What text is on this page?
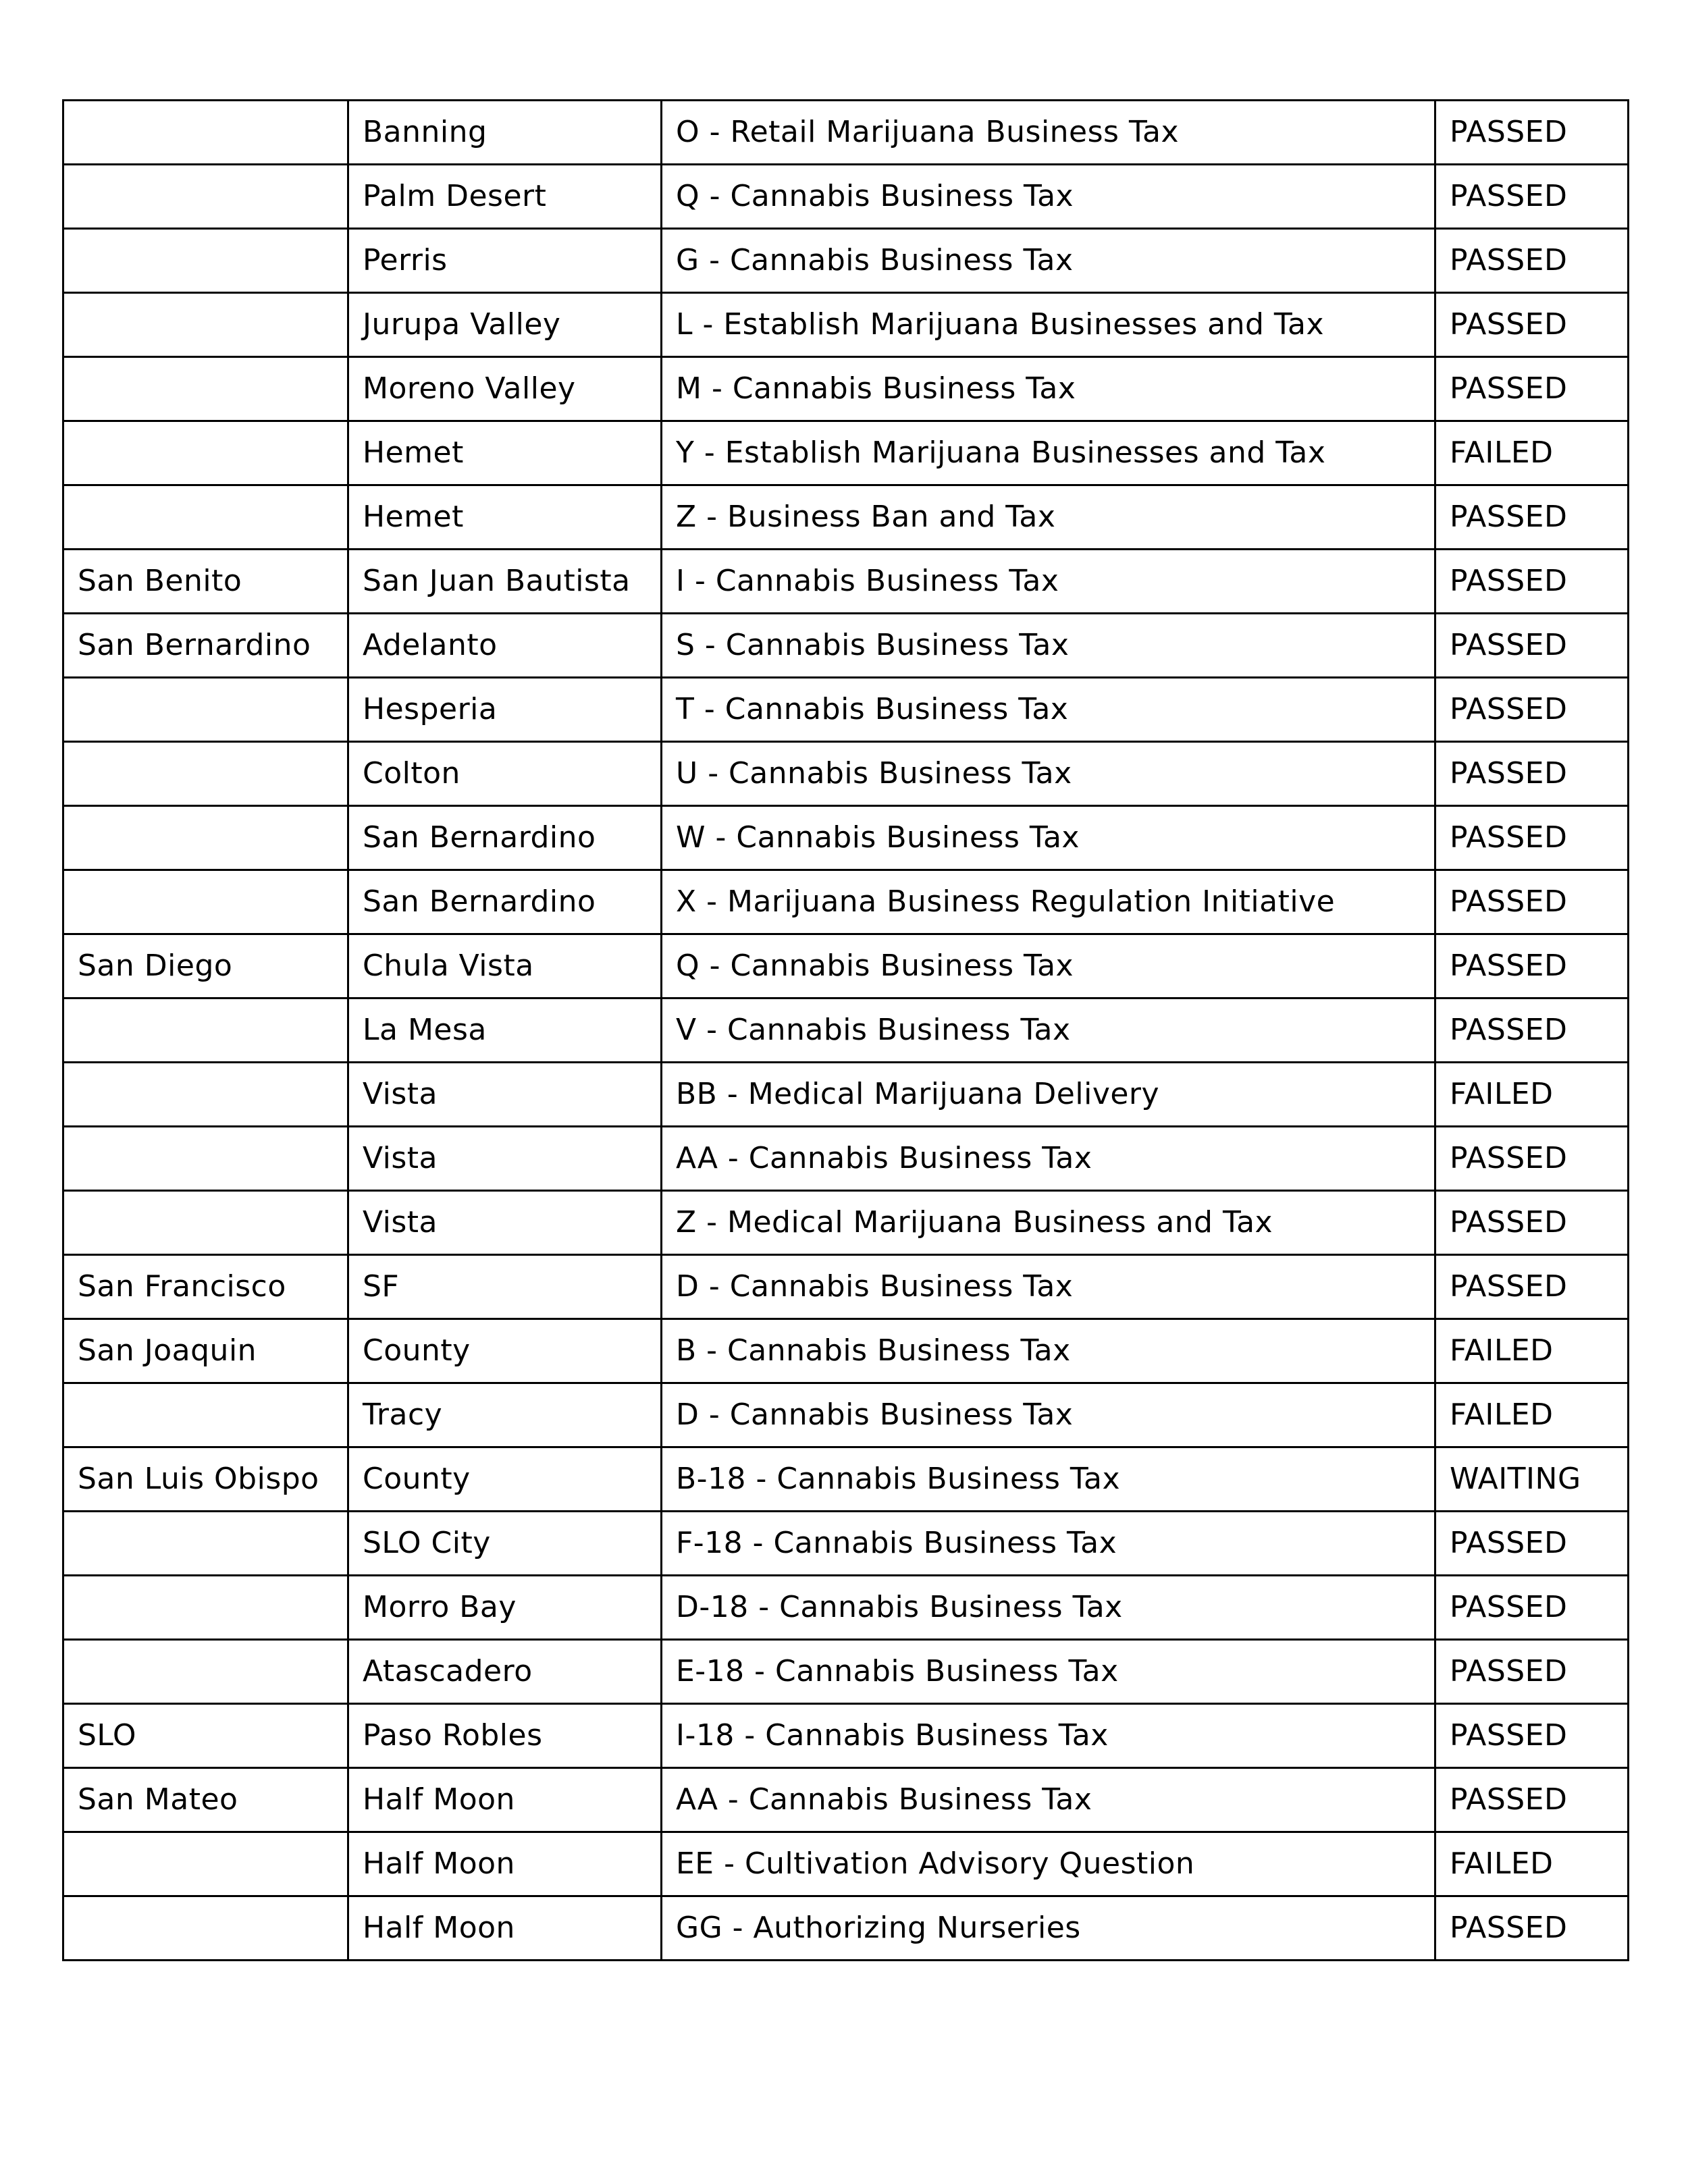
	Banning	O - Retail Marijuana Business Tax	PASSED
	Palm Desert	Q - Cannabis Business Tax	PASSED
	Perris	G - Cannabis Business Tax	PASSED
	Jurupa Valley	L - Establish Marijuana Businesses and Tax	PASSED
	Moreno Valley	M - Cannabis Business Tax	PASSED
	Hemet	Y - Establish Marijuana Businesses and Tax	FAILED
	Hemet	Z - Business Ban and Tax	PASSED
San Benito	San Juan Bautista	I - Cannabis Business Tax	PASSED
San Bernardino	Adelanto	S - Cannabis Business Tax	PASSED
	Hesperia	T - Cannabis Business Tax	PASSED
	Colton	U - Cannabis Business Tax	PASSED
	San Bernardino	W - Cannabis Business Tax	PASSED
	San Bernardino	X - Marijuana Business Regulation Initiative	PASSED
San Diego	Chula Vista	Q - Cannabis Business Tax	PASSED
	La Mesa	V - Cannabis Business Tax	PASSED
	Vista	BB - Medical Marijuana Delivery	FAILED
	Vista	AA - Cannabis Business Tax	PASSED
	Vista	Z - Medical Marijuana Business and Tax	PASSED
San Francisco	SF	D - Cannabis Business Tax	PASSED
San Joaquin	County	B - Cannabis Business Tax	FAILED
	Tracy	D - Cannabis Business Tax	FAILED
San Luis Obispo	County	B-18 - Cannabis Business Tax	WAITING
	SLO City	F-18 - Cannabis Business Tax	PASSED
	Morro Bay	D-18 - Cannabis Business Tax	PASSED
	Atascadero	E-18 - Cannabis Business Tax	PASSED
SLO	Paso Robles	I-18 - Cannabis Business Tax	PASSED
San Mateo	Half Moon	AA - Cannabis Business Tax	PASSED
	Half Moon	EE - Cultivation Advisory Question	FAILED
	Half Moon	GG - Authorizing Nurseries	PASSED
